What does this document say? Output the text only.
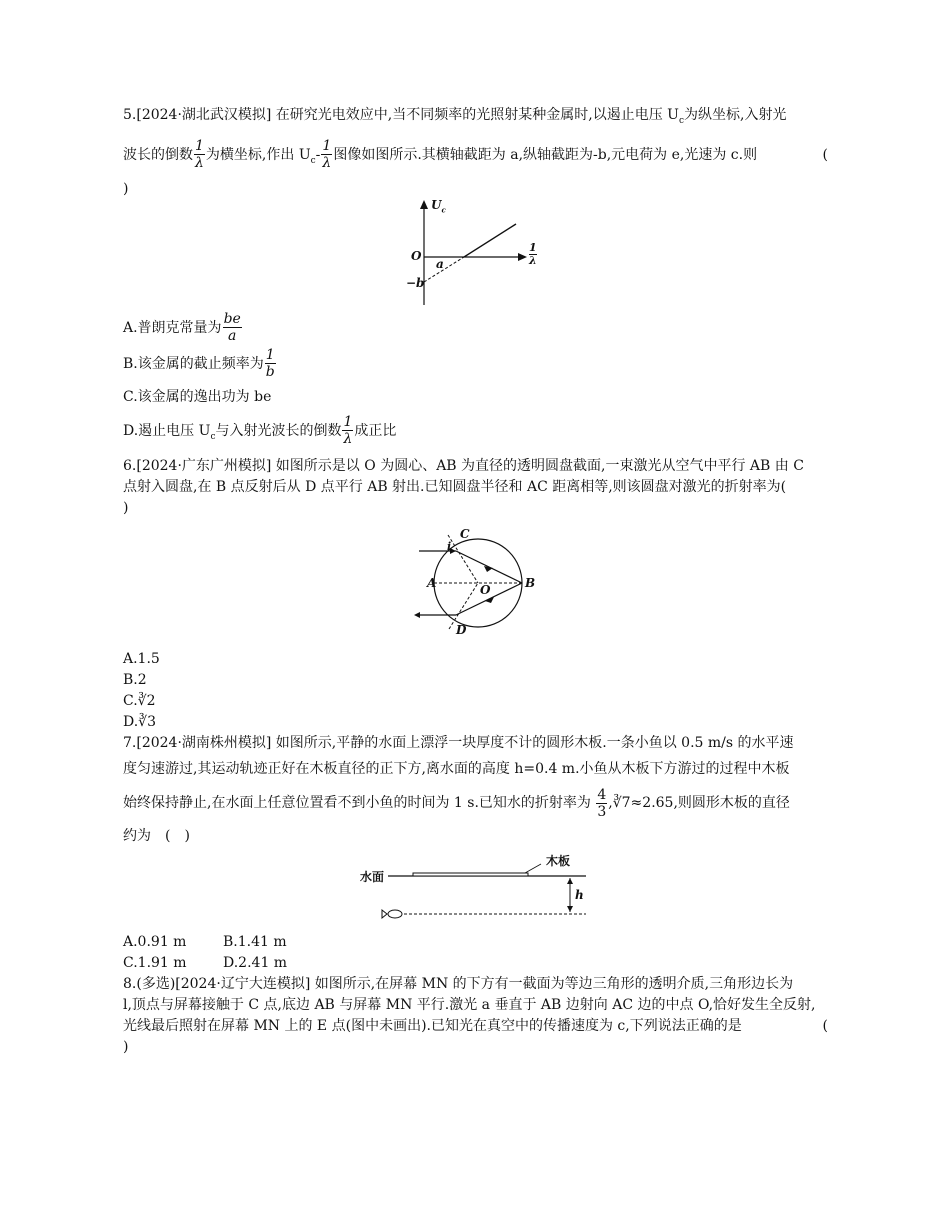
5.[2024·湖北武汉模拟] 在研究光电效应中,当不同频率的光照射某种金属时,以遏止电压 $U_c$为纵坐标,入射光
波长的倒数 $\frac{1}{\lambda}$ 为横坐标,作出 $U_c- \frac{1}{\lambda}$ 图像如图所示.其横轴截距为 a,纵轴截距为-b,元电荷为 e,光速为 c.则	(
)
$U_c$
O
a
−b
1
λ
A.普朗克常量为 $\frac{be}{a}$
B.该金属的截止频率为 $\frac{1}{b}$
C.该金属的逸出功为 be
D.遏止电压 $U_c$与入射光波长的倒数 $\frac{1}{\lambda}$ 成正比
6.[2024·广东广州模拟] 如图所示是以 O 为圆心、AB 为直径的透明圆盘截面,一束激光从空气中平行 AB 由 C
点射入圆盘,在 B 点反射后从 D 点平行 AB 射出.已知圆盘半径和 AC 距离相等,则该圆盘对激光的折射率为(
)
C
i
A	O	B
D
A.1.5
B.2
C.∛2
D.∛3
7.[2024·湖南株州模拟] 如图所示,平静的水面上漂浮一块厚度不计的圆形木板.一条小鱼以 0.5 m/s 的水平速
度匀速游过,其运动轨迹正好在木板直径的正下方,离水面的高度 h=0.4 m.小鱼从木板下方游过的过程中木板
始终保持静止,在水面上任意位置看不到小鱼的时间为 1 s.已知水的折射率为 $\frac{4}{3}$ ,∛7≈2.65,则圆形木板的直径
约为　(　)
水面
木板
h
A.0.91 m	B.1.41 m
C.1.91 m	D.2.41 m
8.(多选)[2024·辽宁大连模拟] 如图所示,在屏幕 MN 的下方有一截面为等边三角形的透明介质,三角形边长为
l,顶点与屏幕接触于 C 点,底边 AB 与屏幕 MN 平行.激光 a 垂直于 AB 边射向 AC 边的中点 O,恰好发生全反射,
光线最后照射在屏幕 MN 上的 E 点(图中未画出).已知光在真空中的传播速度为 c,下列说法正确的是	(
)
